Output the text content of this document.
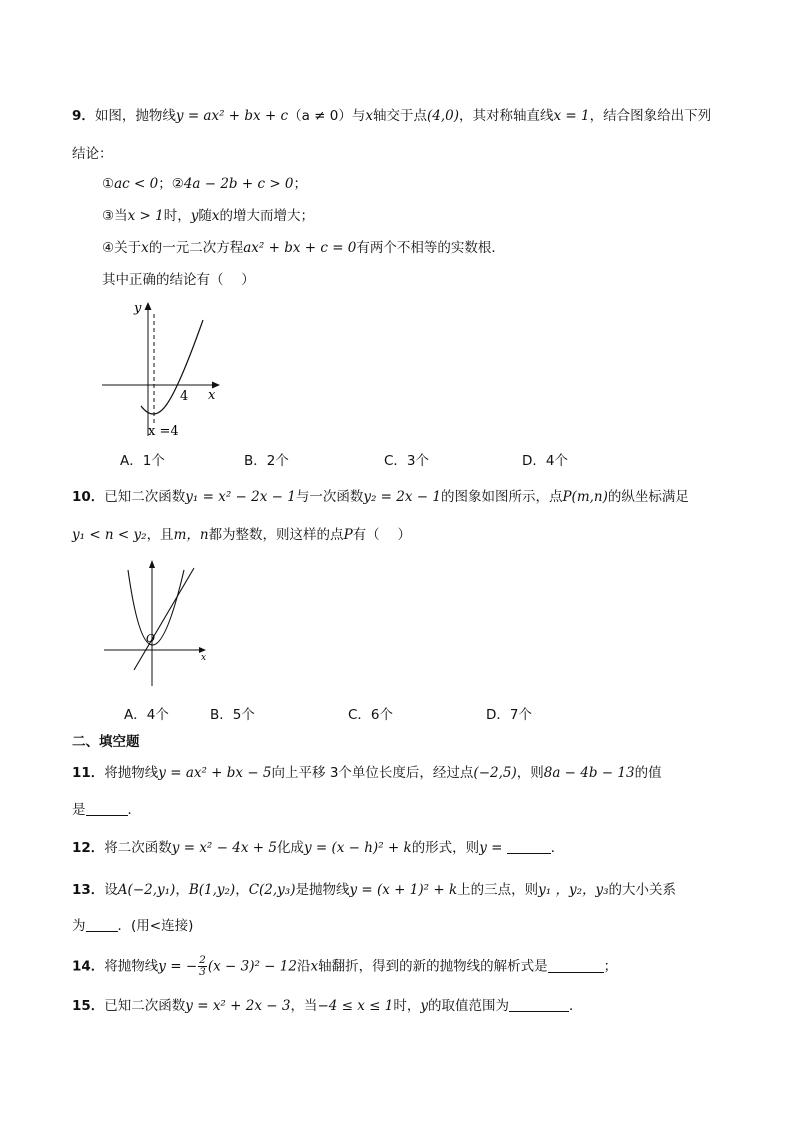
9．如图，抛物线y = ax² + bx + c（a ≠ 0）与x轴交于点(4,0)，其对称轴直线x = 1，结合图象给出下列
结论：
①ac < 0；②4a − 2b + c > 0；
③当x > 1时，y随x的增大而增大；
④关于x的一元二次方程ax² + bx + c = 0有两个不相等的实数根．
其中正确的结论有（　 ）
y
x
4
x =4
A．1个	B．2个	C．3个	D．4个
10．已知二次函数y₁ = x² − 2x − 1与一次函数y₂ = 2x − 1的图象如图所示，点P(m,n)的纵坐标满足
y₁ < n < y₂，且m，n都为整数，则这样的点P有（　 ）
O
x
A．4个	B．5个	C．6个	D．7个
二、填空题
11．将抛物线y = ax² + bx − 5向上平移 3个单位长度后，经过点(−2,5)，则8a − 4b − 13的值
是	．
12．将二次函数y = x² − 4x + 5化成y = (x − h)² + k的形式，则y =	．
13．设A(−2,y₁)，B(1,y₂)，C(2,y₃)是抛物线y = (x + 1)² + k上的三点，则y₁ ，y₂，y₃的大小关系
为 ．(用<连接)
14．将抛物线y = − $\frac{2}{3} (x - 3)^2 - 12$沿x轴翻折，得到的新的抛物线的解析式是	；
15．已知二次函数y = x² + 2x − 3，当−4 ≤ x ≤ 1时，y的取值范围为	．
